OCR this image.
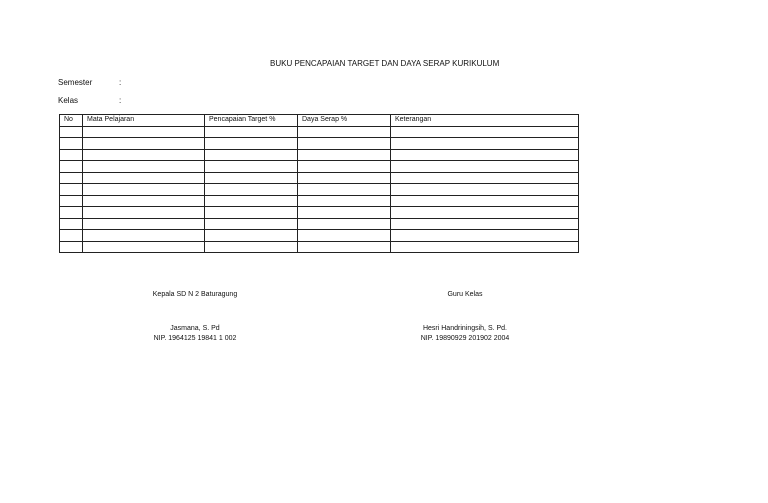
BUKU PENCAPAIAN TARGET DAN DAYA SERAP KURIKULUM
Semester	:
Kelas	:
No	Mata Pelajaran	Pencapaian Target %	Daya Serap %	Keterangan

Kepala SD N 2 Baturagung
Jasmana, S. Pd
NIP. 1964125 19841 1 002
Guru Kelas
Hesri Handriningsih, S. Pd.
NIP. 19890929 201902 2004
